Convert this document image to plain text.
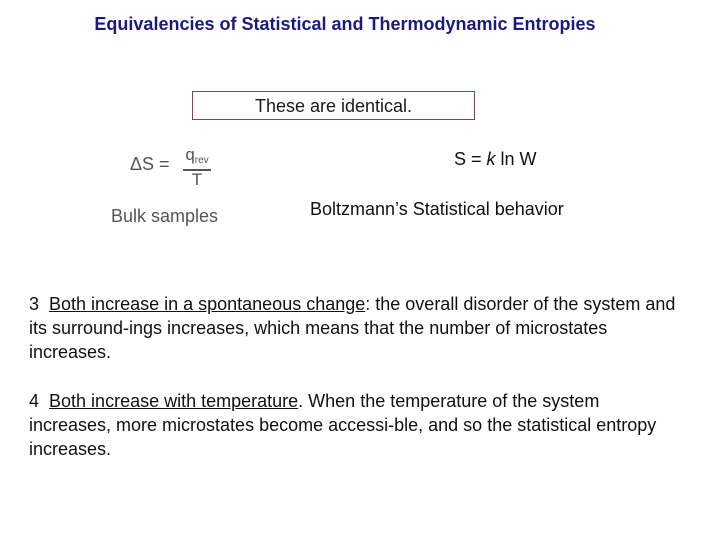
Equivalencies of Statistical and Thermodynamic Entropies
These are identical.
$\Delta S = q_{rev}$
T
S = k ln W
Bulk samples	Boltzmann’s Statistical behavior
3 Both increase in a spontaneous change: the overall disorder of the system and its surround-ings increases, which means that the number of microstates increases.
4 Both increase with temperature. When the temperature of the system increases, more microstates become accessi-ble, and so the statistical entropy increases.
